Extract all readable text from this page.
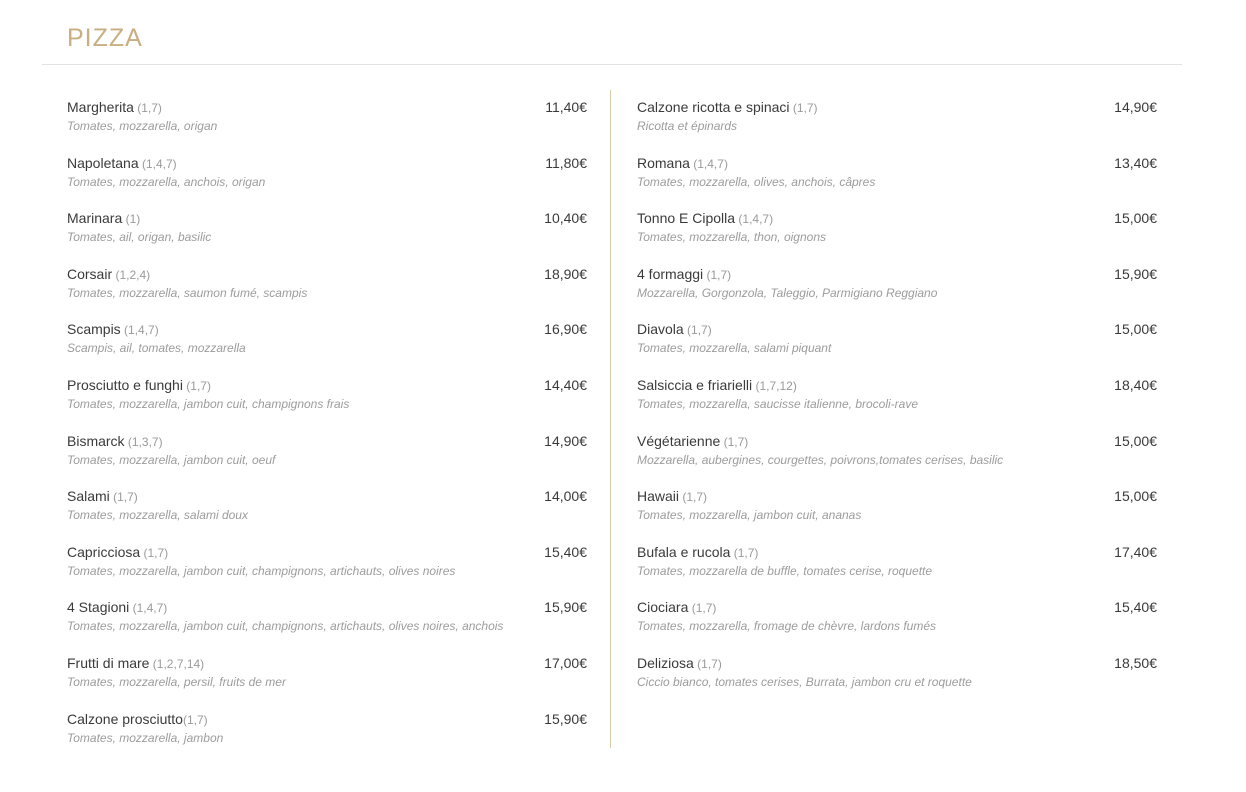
PIZZA
Margherita (1,7)	11,40€
Tomates, mozzarella, origan
Napoletana (1,4,7)	11,80€
Tomates, mozzarella, anchois, origan
Marinara (1)	10,40€
Tomates, ail, origan, basilic
Corsair (1,2,4)	18,90€
Tomates, mozzarella, saumon fumé, scampis
Scampis (1,4,7)	16,90€
Scampis, ail, tomates, mozzarella
Prosciutto e funghi (1,7)	14,40€
Tomates, mozzarella, jambon cuit, champignons frais
Bismarck (1,3,7)	14,90€
Tomates, mozzarella, jambon cuit, oeuf
Salami (1,7)	14,00€
Tomates, mozzarella, salami doux
Capricciosa (1,7)	15,40€
Tomates, mozzarella, jambon cuit, champignons, artichauts, olives noires
4 Stagioni (1,4,7)	15,90€
Tomates, mozzarella, jambon cuit, champignons, artichauts, olives noires, anchois
Frutti di mare (1,2,7,14)	17,00€
Tomates, mozzarella, persil, fruits de mer
Calzone prosciutto(1,7)	15,90€
Tomates, mozzarella, jambon
Calzone ricotta e spinaci (1,7)	14,90€
Ricotta et épinards
Romana (1,4,7)	13,40€
Tomates, mozzarella, olives, anchois, câpres
Tonno E Cipolla (1,4,7)	15,00€
Tomates, mozzarella, thon, oignons
4 formaggi (1,7)	15,90€
Mozzarella, Gorgonzola, Taleggio, Parmigiano Reggiano
Diavola (1,7)	15,00€
Tomates, mozzarella, salami piquant
Salsiccia e friarielli (1,7,12)	18,40€
Tomates, mozzarella, saucisse italienne, brocoli-rave
Végétarienne (1,7)	15,00€
Mozzarella, aubergines, courgettes, poivrons,tomates cerises, basilic
Hawaii (1,7)	15,00€
Tomates, mozzarella, jambon cuit, ananas
Bufala e rucola (1,7)	17,40€
Tomates, mozzarella de buffle, tomates cerise, roquette
Ciociara (1,7)	15,40€
Tomates, mozzarella, fromage de chèvre, lardons fumés
Deliziosa (1,7)	18,50€
Ciccio bianco, tomates cerises, Burrata, jambon cru et roquette
